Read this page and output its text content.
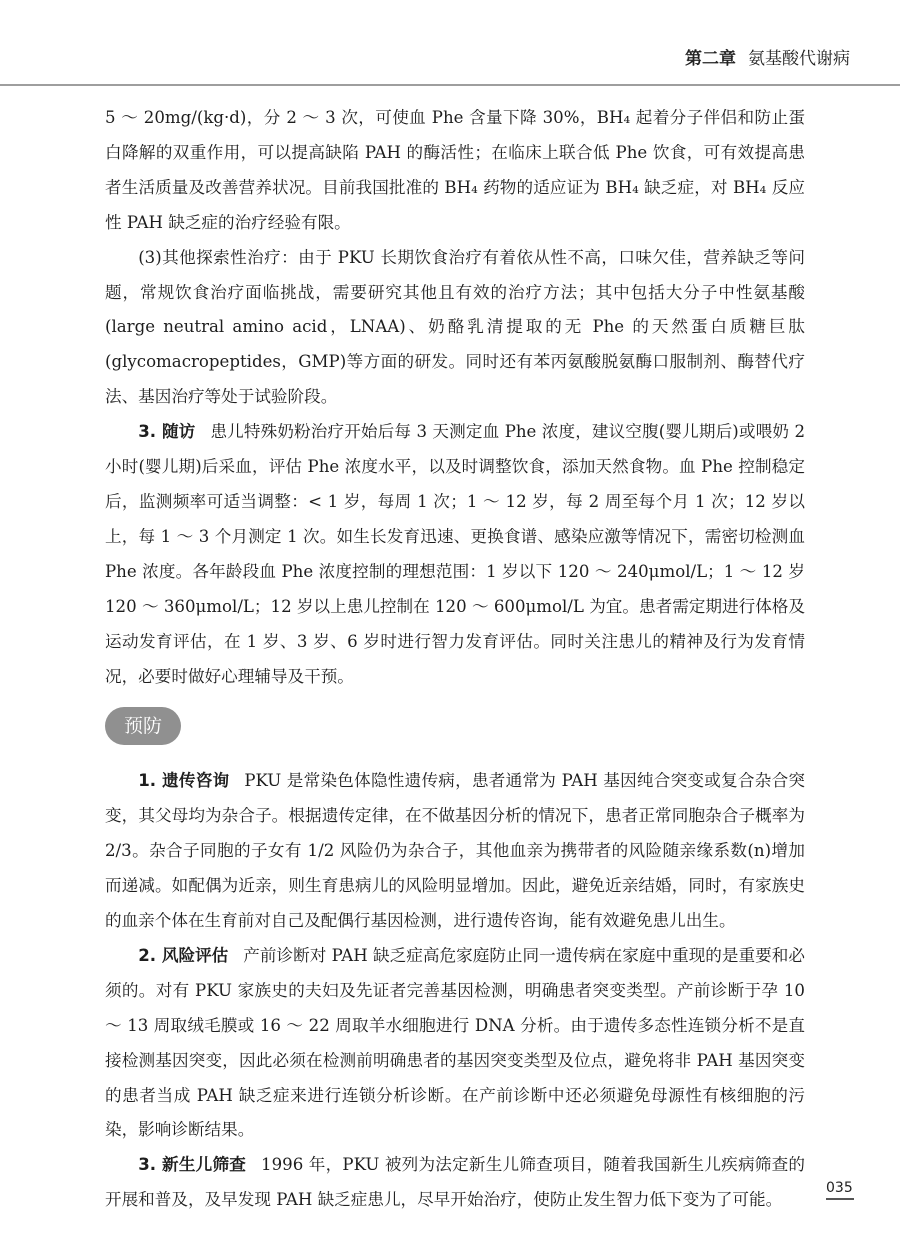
第二章 氨基酸代谢病

5 ～ 20mg/(kg·d)，分 2 ～ 3 次，可使血 Phe 含量下降 30%，BH₄ 起着分子伴侣和防止蛋白降解的双重作用，可以提高缺陷 PAH 的酶活性；在临床上联合低 Phe 饮食，可有效提高患者生活质量及改善营养状况。目前我国批准的 BH₄ 药物的适应证为 BH₄ 缺乏症，对 BH₄ 反应性 PAH 缺乏症的治疗经验有限。

(3)其他探索性治疗：由于 PKU 长期饮食治疗有着依从性不高，口味欠佳，营养缺乏等问题，常规饮食治疗面临挑战，需要研究其他且有效的治疗方法；其中包括大分子中性氨基酸(large neutral amino acid，LNAA)、奶酪乳清提取的无 Phe 的天然蛋白质糖巨肽(glycomacropeptides，GMP)等方面的研发。同时还有苯丙氨酸脱氨酶口服制剂、酶替代疗法、基因治疗等处于试验阶段。

3. 随访 患儿特殊奶粉治疗开始后每 3 天测定血 Phe 浓度，建议空腹(婴儿期后)或喂奶 2 小时(婴儿期)后采血，评估 Phe 浓度水平，以及时调整饮食，添加天然食物。血 Phe 控制稳定后，监测频率可适当调整：< 1 岁，每周 1 次；1 ～ 12 岁，每 2 周至每个月 1 次；12 岁以上，每 1 ～ 3 个月测定 1 次。如生长发育迅速、更换食谱、感染应激等情况下，需密切检测血 Phe 浓度。各年龄段血 Phe 浓度控制的理想范围：1 岁以下 120 ～ 240μmol/L；1 ～ 12 岁 120 ～ 360μmol/L；12 岁以上患儿控制在 120 ～ 600μmol/L 为宜。患者需定期进行体格及运动发育评估，在 1 岁、3 岁、6 岁时进行智力发育评估。同时关注患儿的精神及行为发育情况，必要时做好心理辅导及干预。

预防

1. 遗传咨询 PKU 是常染色体隐性遗传病，患者通常为 PAH 基因纯合突变或复合杂合突变，其父母均为杂合子。根据遗传定律，在不做基因分析的情况下，患者正常同胞杂合子概率为 2/3。杂合子同胞的子女有 1/2 风险仍为杂合子，其他血亲为携带者的风险随亲缘系数(n)增加而递减。如配偶为近亲，则生育患病儿的风险明显增加。因此，避免近亲结婚，同时，有家族史的血亲个体在生育前对自己及配偶行基因检测，进行遗传咨询，能有效避免患儿出生。

2. 风险评估 产前诊断对 PAH 缺乏症高危家庭防止同一遗传病在家庭中重现的是重要和必须的。对有 PKU 家族史的夫妇及先证者完善基因检测，明确患者突变类型。产前诊断于孕 10 ～ 13 周取绒毛膜或 16 ～ 22 周取羊水细胞进行 DNA 分析。由于遗传多态性连锁分析不是直接检测基因突变，因此必须在检测前明确患者的基因突变类型及位点，避免将非 PAH 基因突变的患者当成 PAH 缺乏症来进行连锁分析诊断。在产前诊断中还必须避免母源性有核细胞的污染，影响诊断结果。

3. 新生儿筛查 1996 年，PKU 被列为法定新生儿筛查项目，随着我国新生儿疾病筛查的开展和普及，及早发现 PAH 缺乏症患儿，尽早开始治疗，使防止发生智力低下变为了可能。

035
